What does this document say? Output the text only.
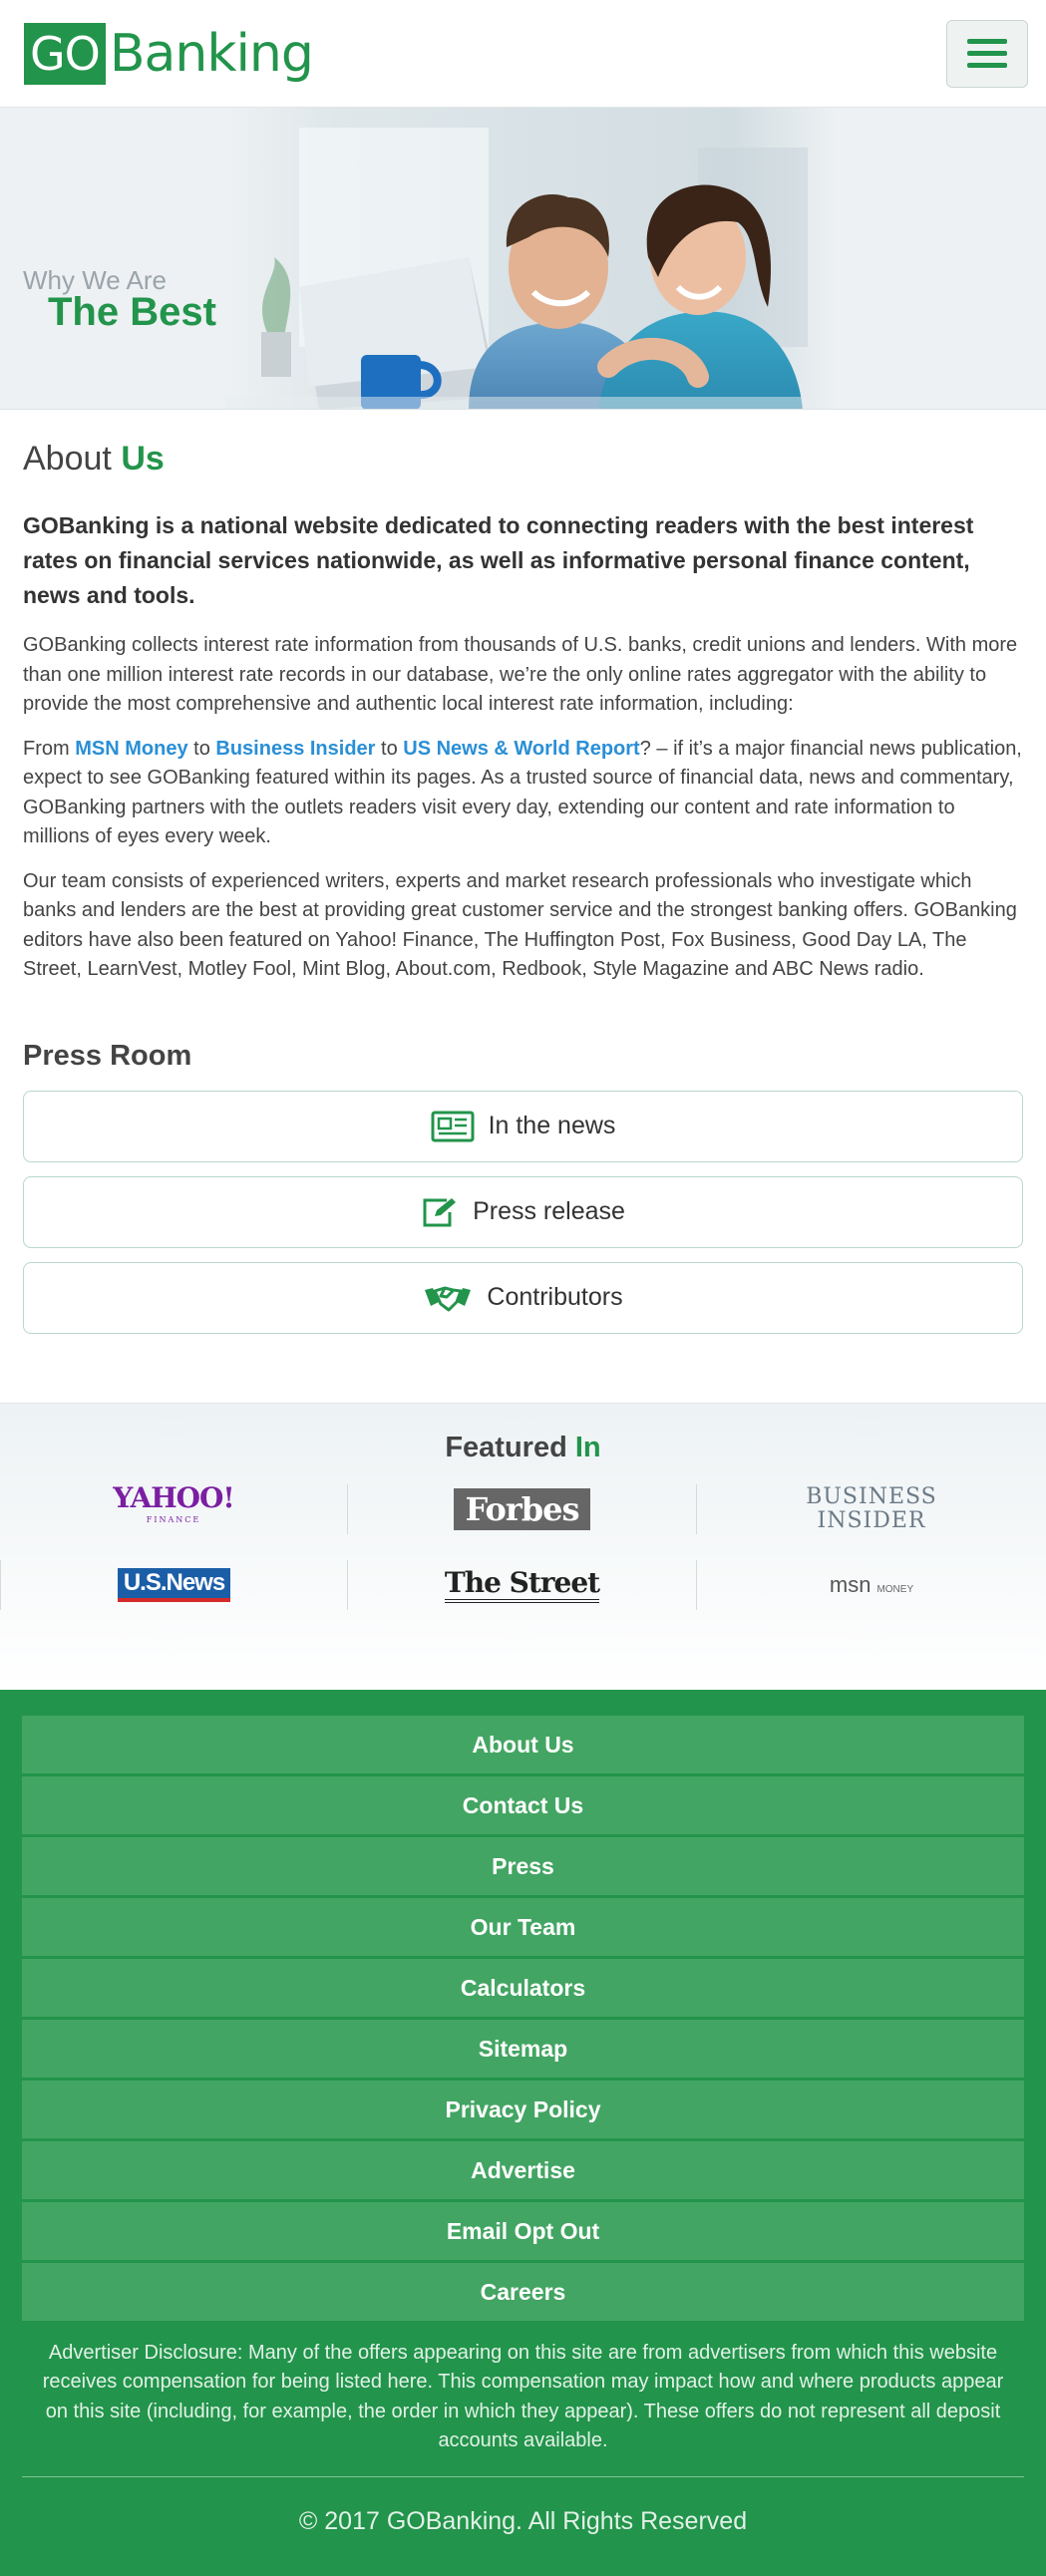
GO Banking
Why We Are
The Best
About Us

GOBanking is a national website dedicated to connecting readers with the best interest rates on financial services nationwide, as well as informative personal finance content, news and tools.

GOBanking collects interest rate information from thousands of U.S. banks, credit unions and lenders. With more than one million interest rate records in our database, we’re the only online rates aggregator with the ability to provide the most comprehensive and authentic local interest rate information, including:

From MSN Money to Business Insider to US News & World Report? – if it’s a major financial news publication, expect to see GOBanking featured within its pages. As a trusted source of financial data, news and commentary, GOBanking partners with the outlets readers visit every day, extending our content and rate information to millions of eyes every week.

Our team consists of experienced writers, experts and market research professionals who investigate which banks and lenders are the best at providing great customer service and the strongest banking offers. GOBanking editors have also been featured on Yahoo! Finance, The Huffington Post, Fox Business, Good Day LA, The Street, LearnVest, Motley Fool, Mint Blog, About.com, Redbook, Style Magazine and ABC News radio.

Press Room
In the news
Press release
Contributors
Featured In
YAHOO!
FINANCE	Forbes	BUSINESS
INSIDER
U.S.News	The Street	msn MONEY
About Us
Contact Us
Press
Our Team
Calculators
Sitemap
Privacy Policy
Advertise
Email Opt Out
Careers

Advertiser Disclosure: Many of the offers appearing on this site are from advertisers from which this website receives compensation for being listed here. This compensation may impact how and where products appear on this site (including, for example, the order in which they appear). These offers do not represent all deposit accounts available.

© 2017 GOBanking. All Rights Reserved
